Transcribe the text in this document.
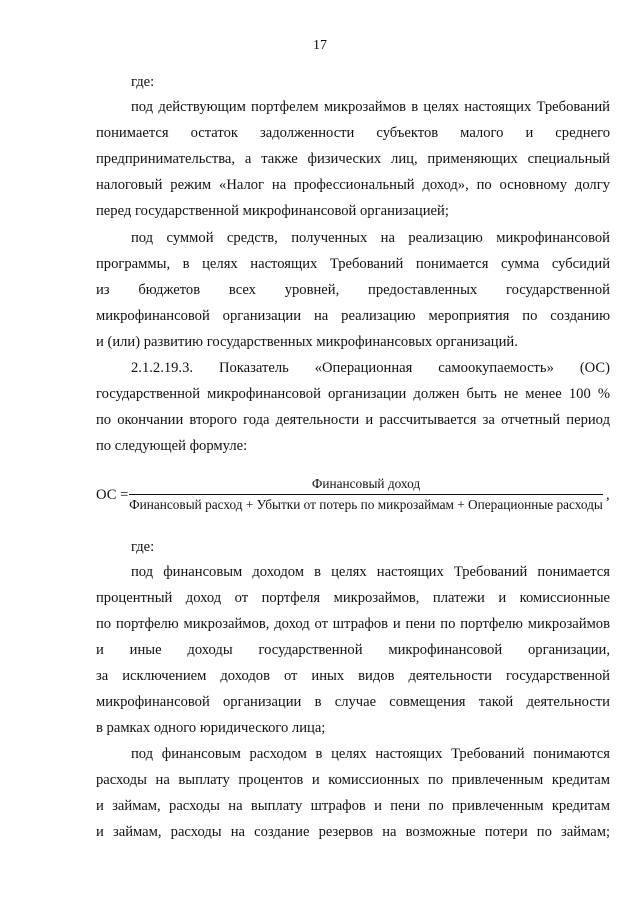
17
где:
под действующим портфелем микрозаймов в целях настоящих Требований
понимается остаток задолженности субъектов малого и среднего
предпринимательства, а также физических лиц, применяющих специальный
налоговый режим «Налог на профессиональный доход», по основному долгу
перед государственной микрофинансовой организацией;
под суммой средств, полученных на реализацию микрофинансовой
программы, в целях настоящих Требований понимается сумма субсидий
из бюджетов всех уровней, предоставленных государственной
микрофинансовой организации на реализацию мероприятия по созданию
и (или) развитию государственных микрофинансовых организаций.
2.1.2.19.3. Показатель «Операционная самоокупаемость» (ОС)
государственной микрофинансовой организации должен быть не менее 100 %
по окончании второго года деятельности и рассчитывается за отчетный период
по следующей формуле:
ОС =
Финансовый доход
Финансовый расход + Убытки от потерь по микрозаймам + Операционные расходы
,
где:
под финансовым доходом в целях настоящих Требований понимается
процентный доход от портфеля микрозаймов, платежи и комиссионные
по портфелю микрозаймов, доход от штрафов и пени по портфелю микрозаймов
и иные доходы государственной микрофинансовой организации,
за исключением доходов от иных видов деятельности государственной
микрофинансовой организации в случае совмещения такой деятельности
в рамках одного юридического лица;
под финансовым расходом в целях настоящих Требований понимаются
расходы на выплату процентов и комиссионных по привлеченным кредитам
и займам, расходы на выплату штрафов и пени по привлеченным кредитам
и займам, расходы на создание резервов на возможные потери по займам;
